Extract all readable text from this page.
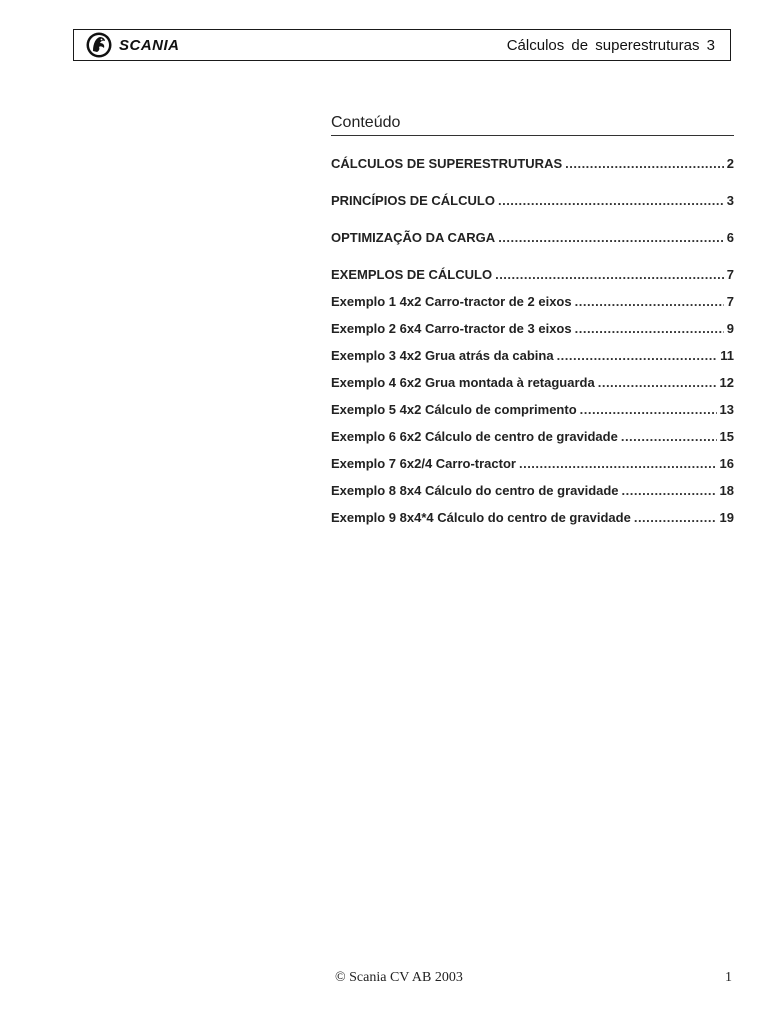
SCANIA	Cálculos de superestruturas 3
Conteúdo
CÁLCULOS DE SUPERESTRUTURAS .....	2
PRINCÍPIOS DE CÁLCULO .....	3
OPTIMIZAÇÃO DA CARGA .....	6
EXEMPLOS DE CÁLCULO .....	7
Exemplo 1 4x2 Carro-tractor de 2 eixos .....	7
Exemplo 2 6x4 Carro-tractor de 3 eixos .....	9
Exemplo 3 4x2 Grua atrás da cabina .....	11
Exemplo 4 6x2 Grua montada à retaguarda .....	12
Exemplo 5 4x2 Cálculo de comprimento .....	13
Exemplo 6 6x2 Cálculo de centro de gravidade .....	15
Exemplo 7 6x2/4 Carro-tractor .....	16
Exemplo 8 8x4 Cálculo do centro de gravidade .....	18
Exemplo 9 8x4*4 Cálculo do centro de gravidade .....	19
© Scania CV AB 2003	1
